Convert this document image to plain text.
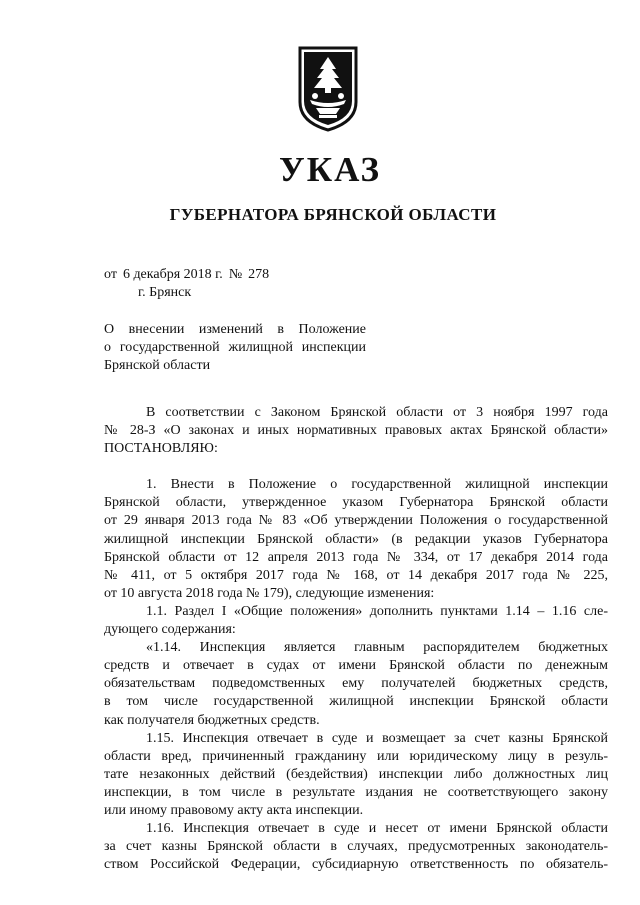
УКАЗ
ГУБЕРНАТОРА БРЯНСКОЙ ОБЛАСТИ
от 6 декабря 2018 г. № 278
г. Брянск
О внесении изменений в Положение
о государственной жилищной инспекции
Брянской области
В соответствии с Законом Брянской области от 3 ноября 1997 года
№ 28-З «О законах и иных нормативных правовых актах Брянской области»
ПОСТАНОВЛЯЮ:
1. Внести в Положение о государственной жилищной инспекции
Брянской области, утвержденное указом Губернатора Брянской области
от 29 января 2013 года № 83 «Об утверждении Положения о государственной
жилищной инспекции Брянской области» (в редакции указов Губернатора
Брянской области от 12 апреля 2013 года № 334, от 17 декабря 2014 года
№ 411, от 5 октября 2017 года № 168, от 14 декабря 2017 года № 225,
от 10 августа 2018 года № 179), следующие изменения:
1.1. Раздел I «Общие положения» дополнить пунктами 1.14 – 1.16 сле-
дующего содержания:
«1.14. Инспекция является главным распорядителем бюджетных
средств и отвечает в судах от имени Брянской области по денежным
обязательствам подведомственных ему получателей бюджетных средств,
в том числе государственной жилищной инспекции Брянской области
как получателя бюджетных средств.
1.15. Инспекция отвечает в суде и возмещает за счет казны Брянской
области вред, причиненный гражданину или юридическому лицу в резуль-
тате незаконных действий (бездействия) инспекции либо должностных лиц
инспекции, в том числе в результате издания не соответствующего закону
или иному правовому акту акта инспекции.
1.16. Инспекция отвечает в суде и несет от имени Брянской области
за счет казны Брянской области в случаях, предусмотренных законодатель-
ством Российской Федерации, субсидиарную ответственность по обязатель-
